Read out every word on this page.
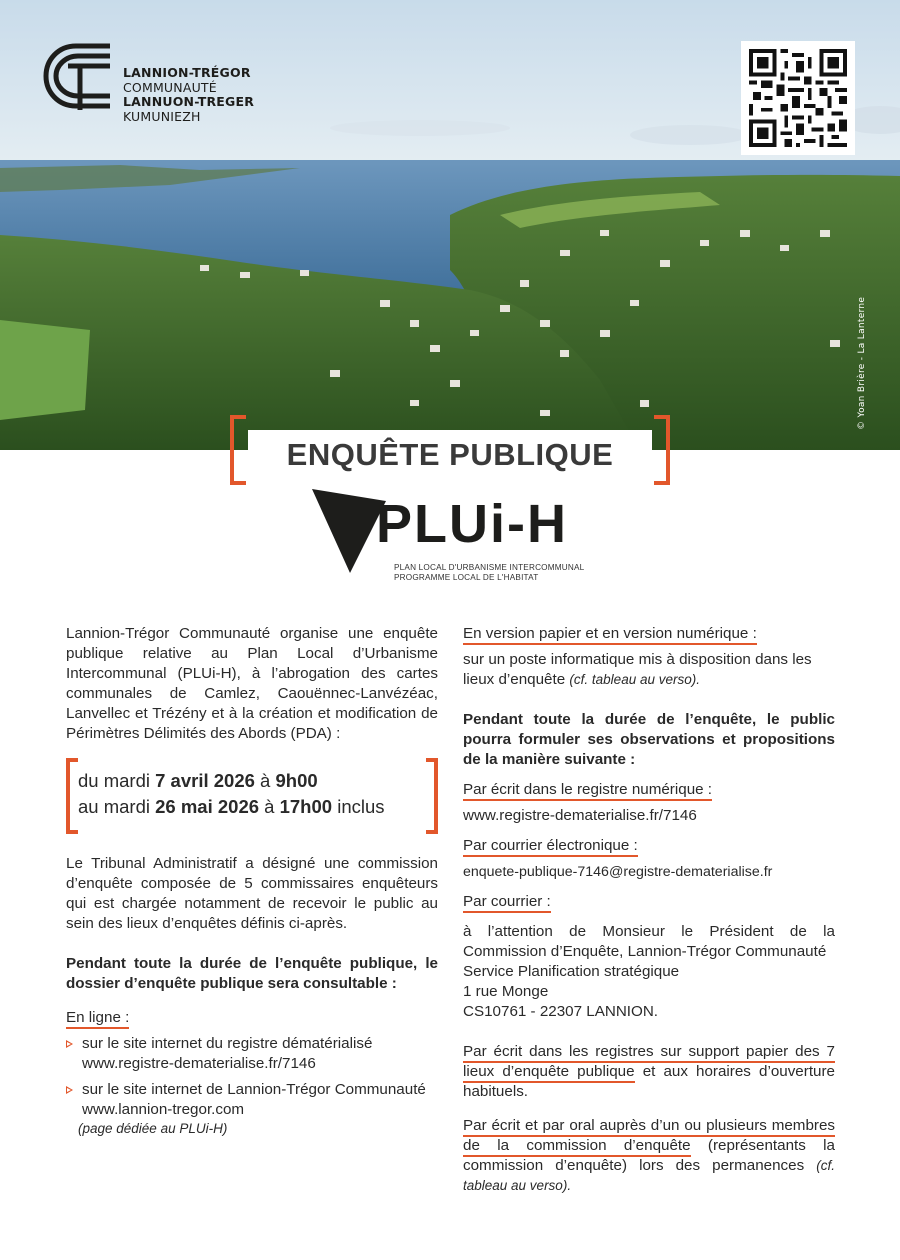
LANNION-TRÉGOR
COMMUNAUTÉ
LANNUON-TREGER
KUMUNIEZH
© Yoan Brière - La Lanterne
ENQUÊTE PUBLIQUE
PLUi-H
PLAN LOCAL D'URBANISME INTERCOMMUNAL
PROGRAMME LOCAL DE L'HABITAT

Lannion-Trégor Communauté organise une enquête publique relative au Plan Local d’Urbanisme Intercommunal (PLUi-H), à l’abrogation des cartes communales de Camlez, Caouënnec-Lanvézéac, Lanvellec et Trézény et à la création et modification de Périmètres Délimités des Abords (PDA) :

du mardi 7 avril 2026 à 9h00
au mardi 26 mai 2026 à 17h00 inclus

Le Tribunal Administratif a désigné une commission d’enquête composée de 5 commissaires enquêteurs qui est chargée notamment de recevoir le public au sein des lieux d’enquêtes définis ci-après.

Pendant toute la durée de l’enquête publique, le dossier d’enquête publique sera consultable :

En ligne :

sur le site internet du registre dématérialisé
www.registre-dematerialise.fr/7146
sur le site internet de Lannion-Trégor Communauté
www.lannion-tregor.com
(page dédiée au PLUi-H)

En version papier et en version numérique :

sur un poste informatique mis à disposition dans les lieux d’enquête (cf. tableau au verso).

Pendant toute la durée de l’enquête, le public pourra formuler ses observations et propositions de la manière suivante :

Par écrit dans le registre numérique :

www.registre-dematerialise.fr/7146

Par courrier électronique :

enquete-publique-7146@registre-dematerialise.fr

Par courrier :

à l’attention de Monsieur le Président de la Commission d’Enquête, Lannion-Trégor Communauté

Service Planification stratégique

1 rue Monge

CS10761 - 22307 LANNION.

Par écrit dans les registres sur support papier des 7 lieux d’enquête publique et aux horaires d’ouverture habituels.

Par écrit et par oral auprès d’un ou plusieurs membres de la commission d’enquête (représentants la commission d’enquête) lors des permanences (cf. tableau au verso).
